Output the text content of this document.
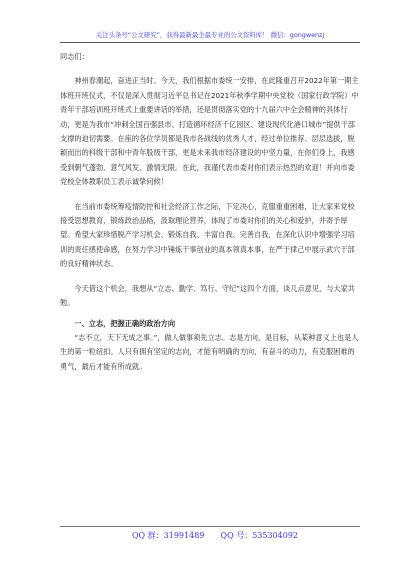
关注头条号“公文研究”，获得最新最全最专业的公文资料库！ 微信：gongwenzj

同志们：

神州春潮起，奋进正当时。今天，我们根据市委统一安排，在此隆重召开2022年第一期主体班开班仪式，不仅是深入贯彻习近平总书记在2021年秋季学期中央党校（国家行政学院）中青年干部培训班开班式上重要讲话的举措，还是贯彻落实党的十九届六中全会精神的具体行动，更是为我市“冲刺全国百强县市、打造循环经济千亿园区、建设现代化港口城市”提供干部支撑的迫切需要。在座的各位学员都是我市各战线的优秀人才，经过单位推荐、层层选拔，脱颖而出的科级干部和中青年股级干部，更是未来我市经济建设的中坚力量，在你们身上，我感受到朝气蓬勃、意气风发、激情无限。在此，我谨代表市委对你们表示热烈的欢迎！并向市委党校全体教职员工表示诚挚问候！

在当前市委统筹疫情防控和社会经济工作之际，下定决心，克服重重困难，让大家来党校接受思想教育，锻炼政治品格，汲取理论营养，体现了市委对你们的关心和爱护，并寄予厚望。希望大家珍惜脱产学习机会、锻炼自我、丰富自我、完善自我，在深化认识中增强学习培训的责任感使命感，在努力学习中锤炼干事创业的真本领真本事，在严于律己中展示武穴干部的良好精神状态。

今天借这个机会，我想从“立志、勤学、笃行、守纪”这四个方面，谈几点意见，与大家共勉。

一、立志，把握正确的政治方向

“志不立，天下无成之事。”，做人做事须先立志。志是方向，是目标，从某种意义上也是人生的第一粒纽扣。人只有拥有坚定的志向，才能有明确的方向，有奋斗的动力，有克服困难的勇气，最后才能有所成就。

QQ 群：31991489 QQ 号：535304092
